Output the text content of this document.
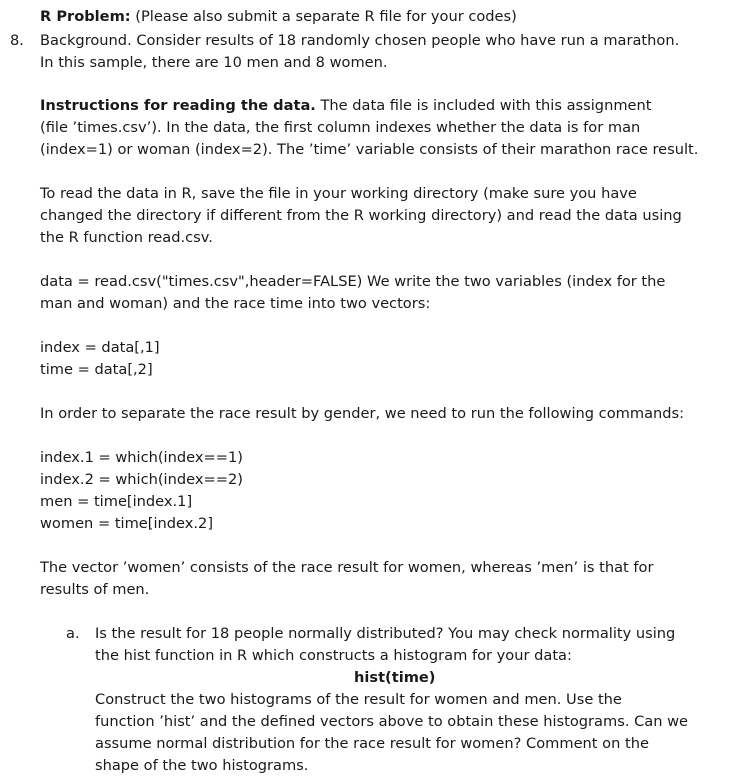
R Problem: (Please also submit a separate R file for your codes)
8. Background. Consider results of 18 randomly chosen people who have run a marathon.
In this sample, there are 10 men and 8 women.
Instructions for reading the data. The data file is included with this assignment
(file ’times.csv’). In the data, the first column indexes whether the data is for man
(index=1) or woman (index=2). The ’time’ variable consists of their marathon race result.
To read the data in R, save the file in your working directory (make sure you have
changed the directory if different from the R working directory) and read the data using
the R function read.csv.
data = read.csv("times.csv",header=FALSE) We write the two variables (index for the
man and woman) and the race time into two vectors:
index = data[,1]
time = data[,2]
In order to separate the race result by gender, we need to run the following commands:
index.1 = which(index==1)
index.2 = which(index==2)
men = time[index.1]
women = time[index.2]
The vector ’women’ consists of the race result for women, whereas ’men’ is that for
results of men.
a. Is the result for 18 people normally distributed? You may check normality using
the hist function in R which constructs a histogram for your data:
hist(time)
Construct the two histograms of the result for women and men. Use the
function ’hist’ and the defined vectors above to obtain these histograms. Can we
assume normal distribution for the race result for women? Comment on the
shape of the two histograms.
